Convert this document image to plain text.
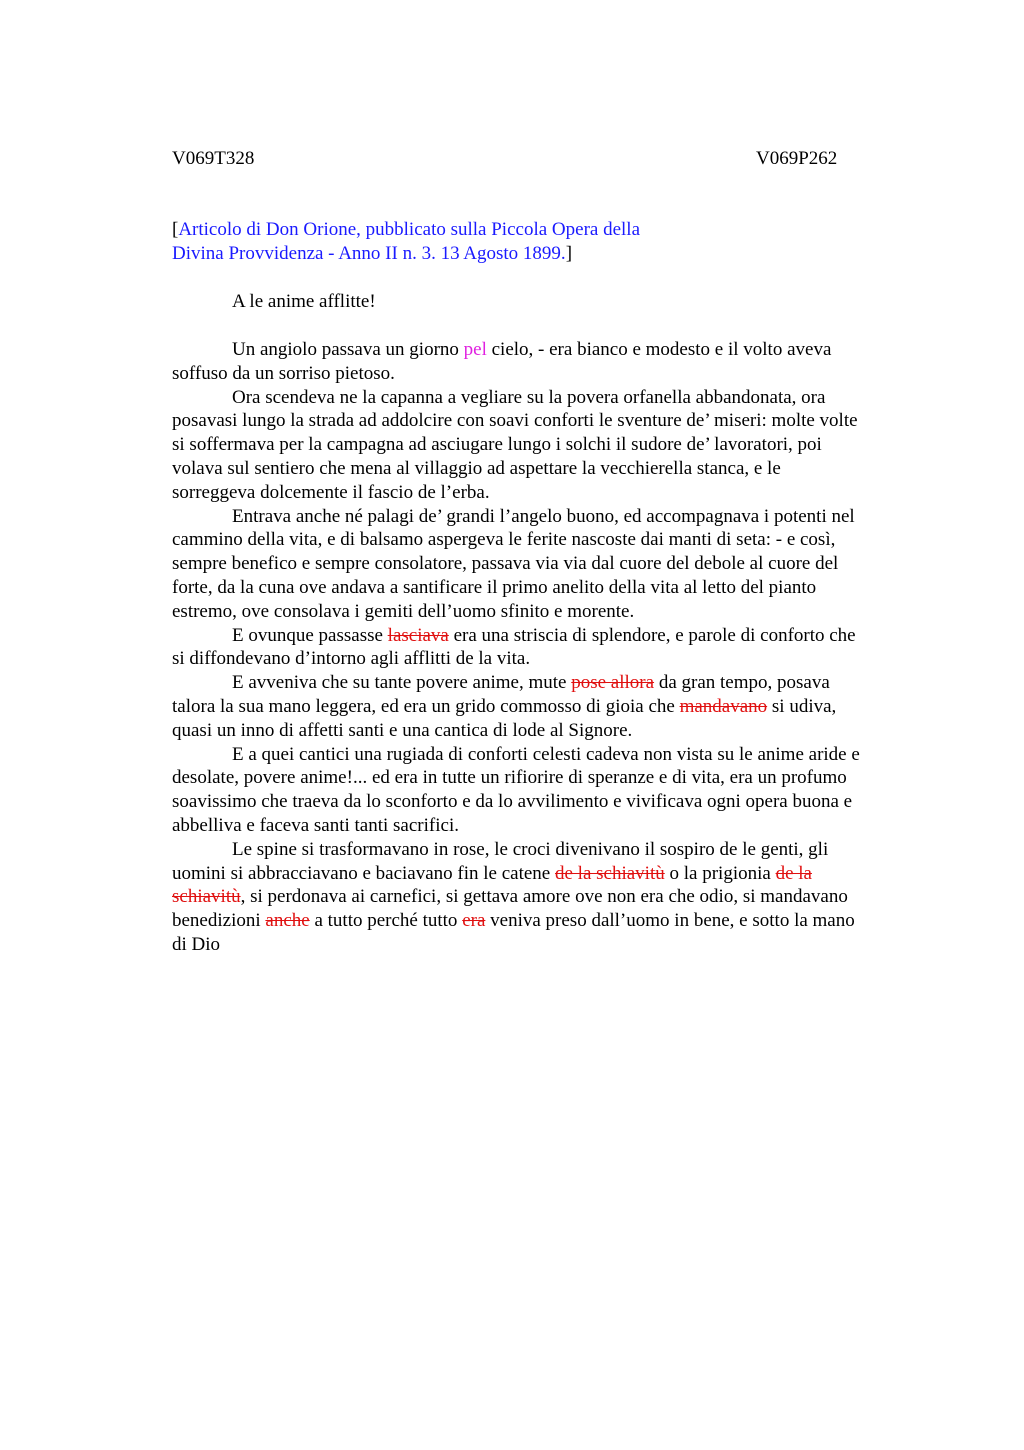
V069T328	V069P262
[Articolo di Don Orione, pubblicato sulla Piccola Opera della
Divina Provvidenza - Anno II n. 3. 13 Agosto 1899.]
A le anime afflitte!

Un angiolo passava un giorno pel cielo, - era bianco e modesto e il volto aveva
soffuso da un sorriso pietoso.

Ora scendeva ne la capanna a vegliare su la povera orfanella abbandonata, ora
posavasi lungo la strada ad addolcire con soavi conforti le sventure de’ miseri: molte volte
si soffermava per la campagna ad asciugare lungo i solchi il sudore de’ lavoratori, poi
volava sul sentiero che mena al villaggio ad aspettare la vecchierella stanca, e le
sorreggeva dolcemente il fascio de l’erba.

Entrava anche né palagi de’ grandi l’angelo buono, ed accompagnava i potenti nel
cammino della vita, e di balsamo aspergeva le ferite nascoste dai manti di seta: - e così,
sempre benefico e sempre consolatore, passava via via dal cuore del debole al cuore del
forte, da la cuna ove andava a santificare il primo anelito della vita al letto del pianto
estremo, ove consolava i gemiti dell’uomo sfinito e morente.

E ovunque passasse lasciava era una striscia di splendore, e parole di conforto che
si diffondevano d’intorno agli afflitti de la vita.

E avveniva che su tante povere anime, mute pose allora da gran tempo, posava
talora la sua mano leggera, ed era un grido commosso di gioia che mandavano si udiva,
quasi un inno di affetti santi e una cantica di lode al Signore.

E a quei cantici una rugiada di conforti celesti cadeva non vista su le anime aride e
desolate, povere anime!... ed era in tutte un rifiorire di speranze e di vita, era un profumo
soavissimo che traeva da lo sconforto e da lo avvilimento e vivificava ogni opera buona e
abbelliva e faceva santi tanti sacrifici.

Le spine si trasformavano in rose, le croci divenivano il sospiro de le genti, gli
uomini si abbracciavano e baciavano fin le catene de la schiavitù o la prigionia de la
schiavitù, si perdonava ai carnefici, si gettava amore ove non era che odio, si mandavano
benedizioni anche a tutto perché tutto era veniva preso dall’uomo in bene, e sotto la mano
di Dio
